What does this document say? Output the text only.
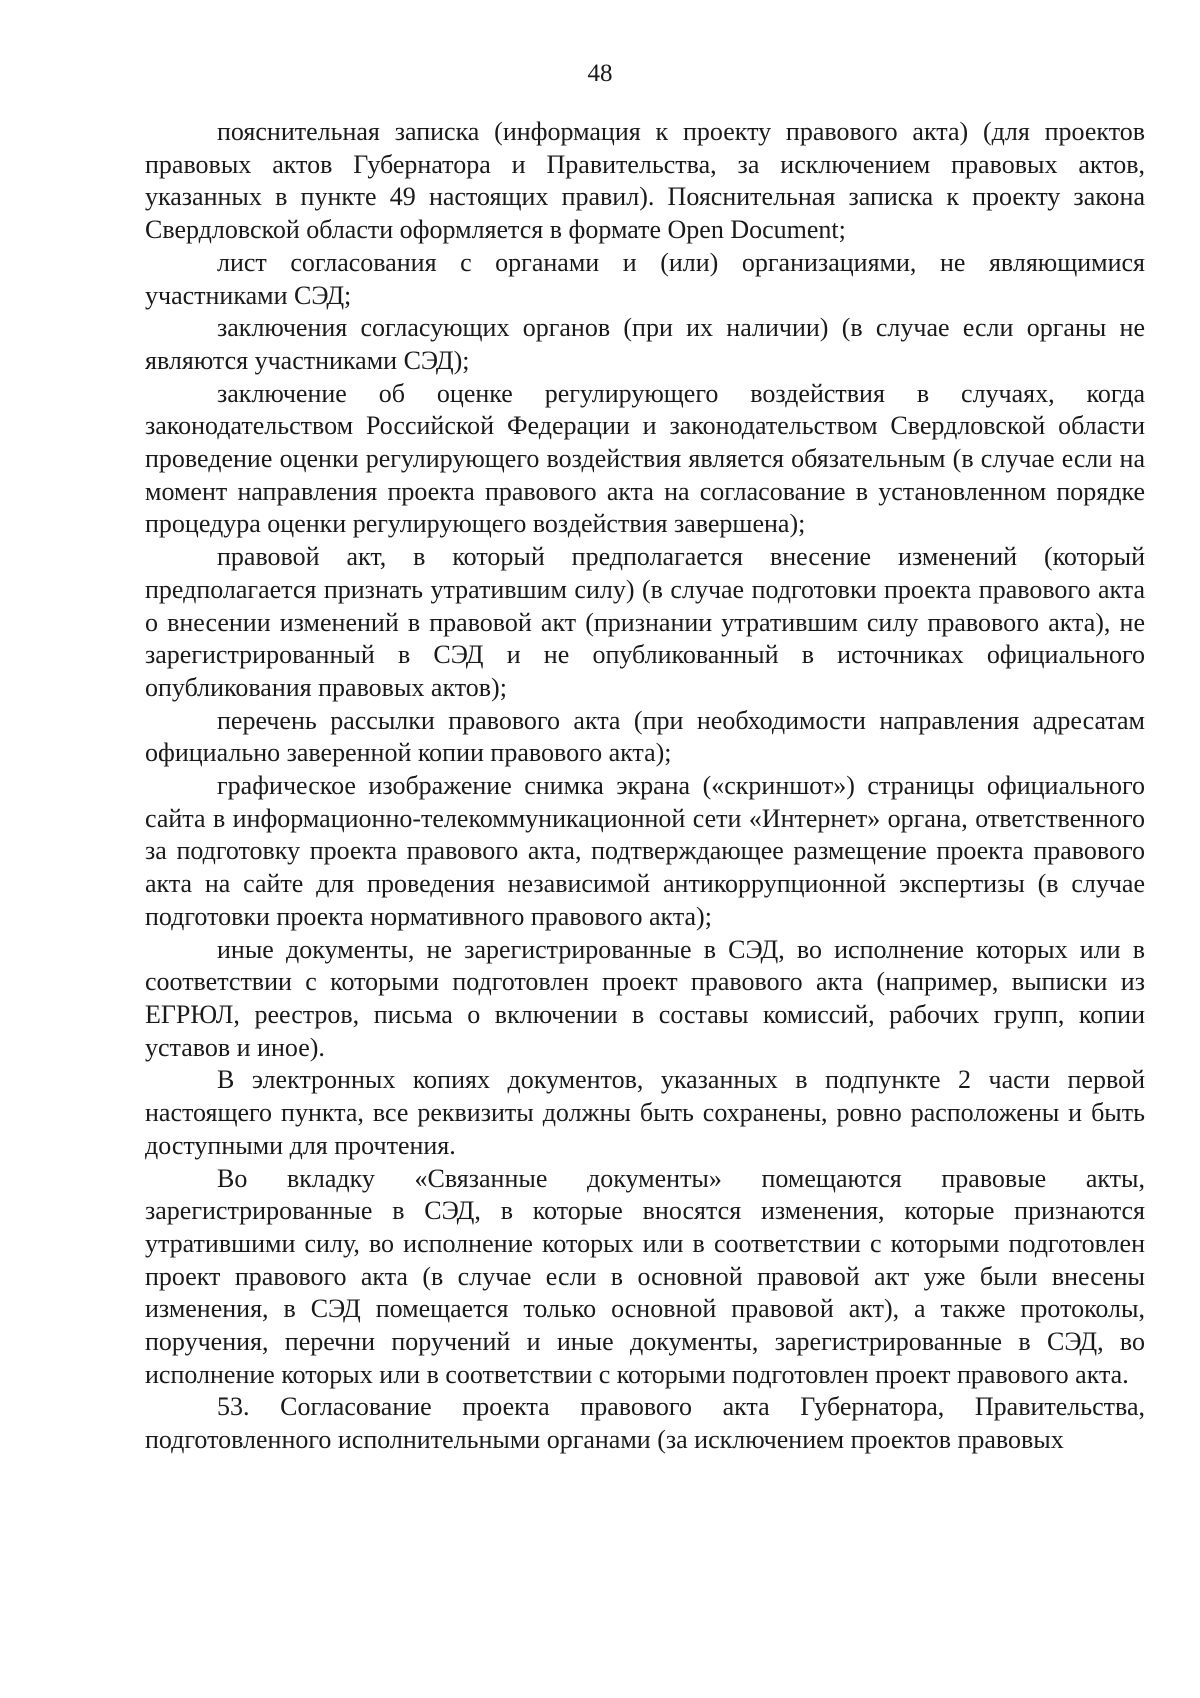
48

пояснительная записка (информация к проекту правового акта) (для проектов правовых актов Губернатора и Правительства, за исключением правовых актов, указанных в пункте 49 настоящих правил). Пояснительная записка к проекту закона Свердловской области оформляется в формате Open Document;

лист согласования с органами и (или) организациями, не являющимися участниками СЭД;

заключения согласующих органов (при их наличии) (в случае если органы не являются участниками СЭД);

заключение об оценке регулирующего воздействия в случаях, когда законодательством Российской Федерации и законодательством Свердловской области проведение оценки регулирующего воздействия является обязательным (в случае если на момент направления проекта правового акта на согласование в установленном порядке процедура оценки регулирующего воздействия завершена);

правовой акт, в который предполагается внесение изменений (который предполагается признать утратившим силу) (в случае подготовки проекта правового акта о внесении изменений в правовой акт (признании утратившим силу правового акта), не зарегистрированный в СЭД и не опубликованный в источниках официального опубликования правовых актов);

перечень рассылки правового акта (при необходимости направления адресатам официально заверенной копии правового акта);

графическое изображение снимка экрана («скриншот») страницы официального сайта в информационно-телекоммуникационной сети «Интернет» органа, ответственного за подготовку проекта правового акта, подтверждающее размещение проекта правового акта на сайте для проведения независимой антикоррупционной экспертизы (в случае подготовки проекта нормативного правового акта);

иные документы, не зарегистрированные в СЭД, во исполнение которых или в соответствии с которыми подготовлен проект правового акта (например, выписки из ЕГРЮЛ, реестров, письма о включении в составы комиссий, рабочих групп, копии уставов и иное).

В электронных копиях документов, указанных в подпункте 2 части первой настоящего пункта, все реквизиты должны быть сохранены, ровно расположены и быть доступными для прочтения.

Во вкладку «Связанные документы» помещаются правовые акты, зарегистрированные в СЭД, в которые вносятся изменения, которые признаются утратившими силу, во исполнение которых или в соответствии с которыми подготовлен проект правового акта (в случае если в основной правовой акт уже были внесены изменения, в СЭД помещается только основной правовой акт), а также протоколы, поручения, перечни поручений и иные документы, зарегистрированные в СЭД, во исполнение которых или в соответствии с которыми подготовлен проект правового акта.

53. Согласование проекта правового акта Губернатора, Правительства, подготовленного исполнительными органами (за исключением проектов правовых
